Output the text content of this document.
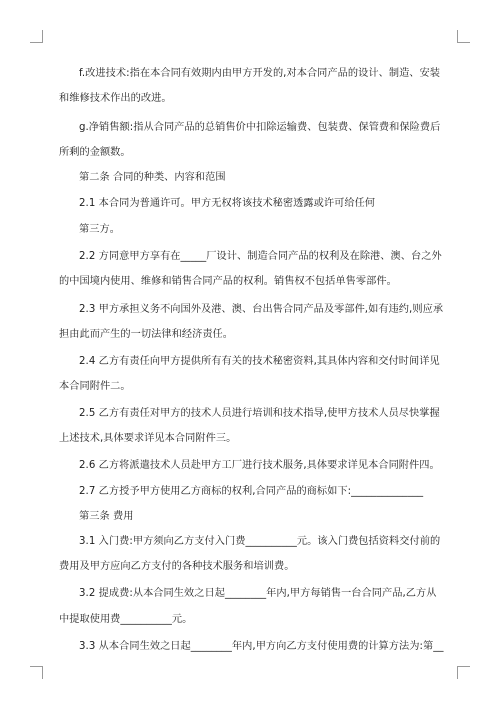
f.改进技术:指在本合同有效期内由甲方开发的,对本合同产品的设计、制造、安装
和维修技术作出的改进。
g.净销售额:指从合同产品的总销售价中扣除运输费、包装费、保管费和保险费后
所剩的金额数。
第二条 合同的种类、内容和范围
2.1 本合同为普通许可。甲方无权将该技术秘密透露或许可给任何
第三方。
2.2 方同意甲方享有在_____厂设计、制造合同产品的权利及在除港、澳、台之外
的中国境内使用、维修和销售合同产品的权利。销售权不包括单售零部件。
2.3 甲方承担义务不向国外及港、澳、台出售合同产品及零部件,如有违约,则应承
担由此而产生的一切法律和经济责任。
2.4 乙方有责任向甲方提供所有有关的技术秘密资料,其具体内容和交付时间详见
本合同附件二。
2.5 乙方有责任对甲方的技术人员进行培训和技术指导,使甲方技术人员尽快掌握
上述技术,具体要求详见本合同附件三。
2.6 乙方将派遣技术人员赴甲方工厂进行技术服务,具体要求详见本合同附件四。
2.7 乙方授予甲方使用乙方商标的权利,合同产品的商标如下:______________
第三条 费用
3.1 入门费:甲方须向乙方支付入门费__________元。该入门费包括资料交付前的
费用及甲方应向乙方支付的各种技术服务和培训费。
3.2 提成费:从本合同生效之日起________年内,甲方每销售一台合同产品,乙方从
中提取使用费__________元。
3.3 从本合同生效之日起________年内,甲方向乙方支付使用费的计算方法为:第__
